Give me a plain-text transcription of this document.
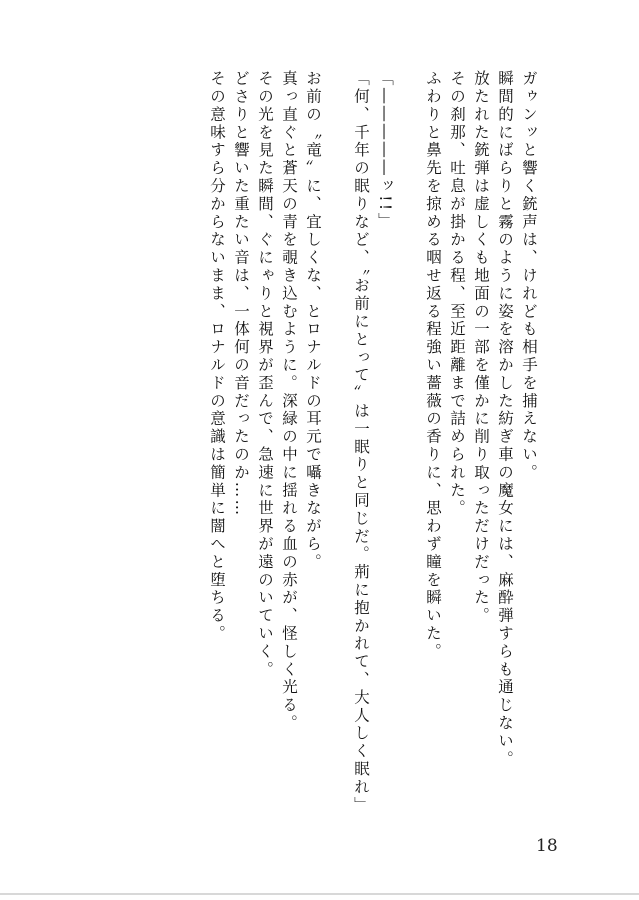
ガゥンッと響く銃声は、けれども相手を捕えない。

瞬間的にばらりと霧のように姿を溶かした紡ぎ車の魔女には、麻酔弾すらも通じない。

放たれた銃弾は虚しくも地面の一部を僅かに削り取っただけだった。

その刹那、吐息が掛かる程、至近距離まで詰められた。

ふわりと鼻先を掠める咽せ返る程強い薔薇の香りに、思わず瞳を瞬いた。

「―――――ッ!!」

「何、千年の眠りなど、〝お前にとって〟は一眠りと同じだ。荊に抱かれて、大人しく眠れ」

お前の〝竜〟に、宜しくな、とロナルドの耳元で囁きながら。

真っ直ぐと蒼天の青を覗き込むように。深緑の中に揺れる血の赤が、怪しく光る。

その光を見た瞬間、ぐにゃりと視界が歪んで、急速に世界が遠のいていく。

どさりと響いた重たい音は、一体何の音だったのか……

その意味すら分からないまま、ロナルドの意識は簡単に闇へと堕ちる。

18
